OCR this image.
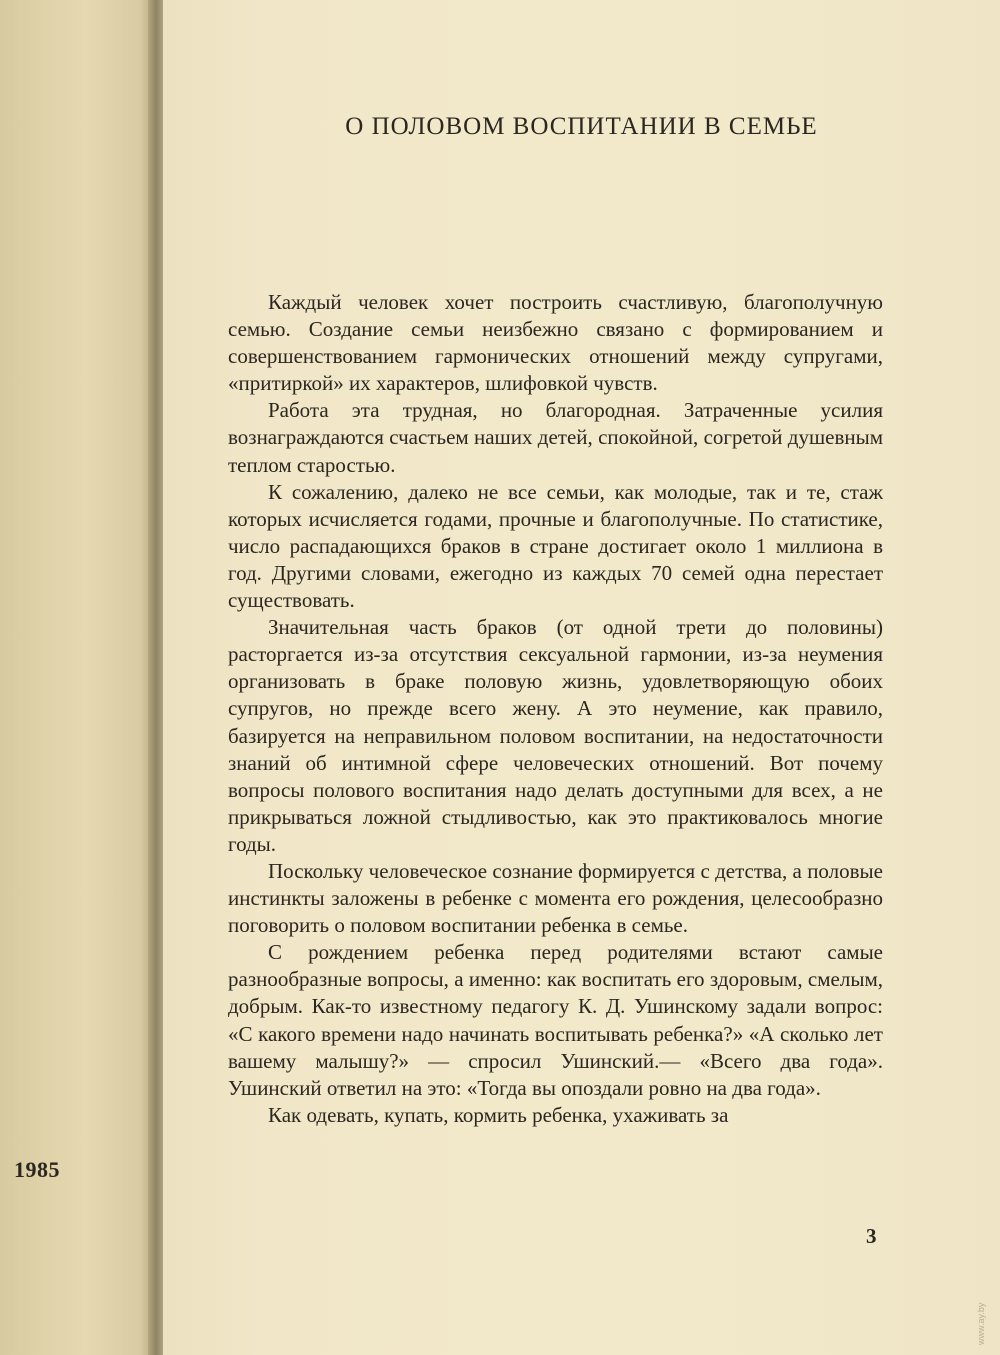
1985
О ПОЛОВОМ ВОСПИТАНИИ В СЕМЬЕ

Каждый человек хочет построить счастливую, благополучную семью. Создание семьи неизбежно связано с формированием и совершенствованием гармонических отношений между супругами, «притиркой» их характеров, шлифовкой чувств.

Работа эта трудная, но благородная. Затраченные усилия вознаграждаются счастьем наших детей, спокойной, согретой душевным теплом старостью.

К сожалению, далеко не все семьи, как молодые, так и те, стаж которых исчисляется годами, прочные и благополучные. По статистике, число распадающихся браков в стране достигает около 1 миллиона в год. Другими словами, ежегодно из каждых 70 семей одна перестает существовать.

Значительная часть браков (от одной трети до половины) расторгается из-за отсутствия сексуальной гармонии, из-за неумения организовать в браке половую жизнь, удовлетворяющую обоих супругов, но прежде всего жену. А это неумение, как правило, базируется на неправильном половом воспитании, на недостаточности знаний об интимной сфере человеческих отношений. Вот почему вопросы полового воспитания надо делать доступными для всех, а не прикрываться ложной стыдливостью, как это практиковалось многие годы.

Поскольку человеческое сознание формируется с детства, а половые инстинкты заложены в ребенке с момента его рождения, целесообразно поговорить о половом воспитании ребенка в семье.

С рождением ребенка перед родителями встают самые разнообразные вопросы, а именно: как воспитать его здоровым, смелым, добрым. Как-то известному педагогу К. Д. Ушинскому задали вопрос: «С какого времени надо начинать воспитывать ребенка?» «А сколько лет вашему малышу?» — спросил Ушинский.— «Всего два года». Ушинский ответил на это: «Тогда вы опоздали ровно на два года».

Как одевать, купать, кормить ребенка, ухаживать за

3
www.ay.by
